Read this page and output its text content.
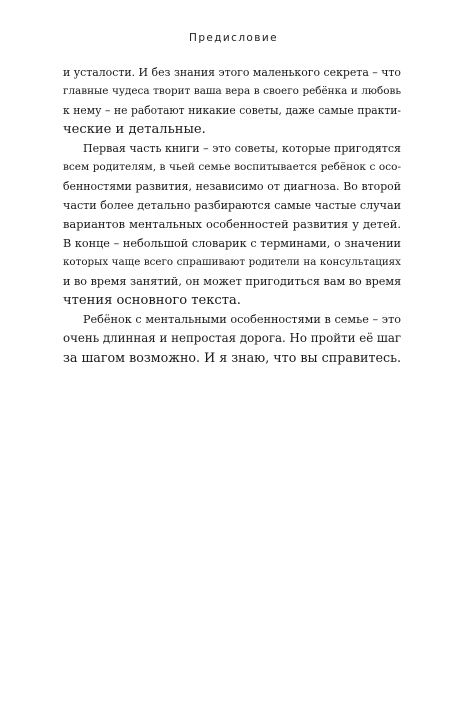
Предисловие
и усталости. И без знания этого маленького секрета – что
главные чудеса творит ваша вера в своего ребёнка и любовь
к нему – не работают никакие советы, даже самые практи-
ческие и детальные.
Первая часть книги – это советы, которые пригодятся
всем родителям, в чьей семье воспитывается ребёнок с осо-
бенностями развития, независимо от диагноза. Во второй
части более детально разбираются самые частые случаи
вариантов ментальных особенностей развития у детей.
В конце – небольшой словарик с терминами, о значении
которых чаще всего спрашивают родители на консультациях
и во время занятий, он может пригодиться вам во время
чтения основного текста.
Ребёнок с ментальными особенностями в семье – это
очень длинная и непростая дорога. Но пройти её шаг
за шагом возможно. И я знаю, что вы справитесь.
